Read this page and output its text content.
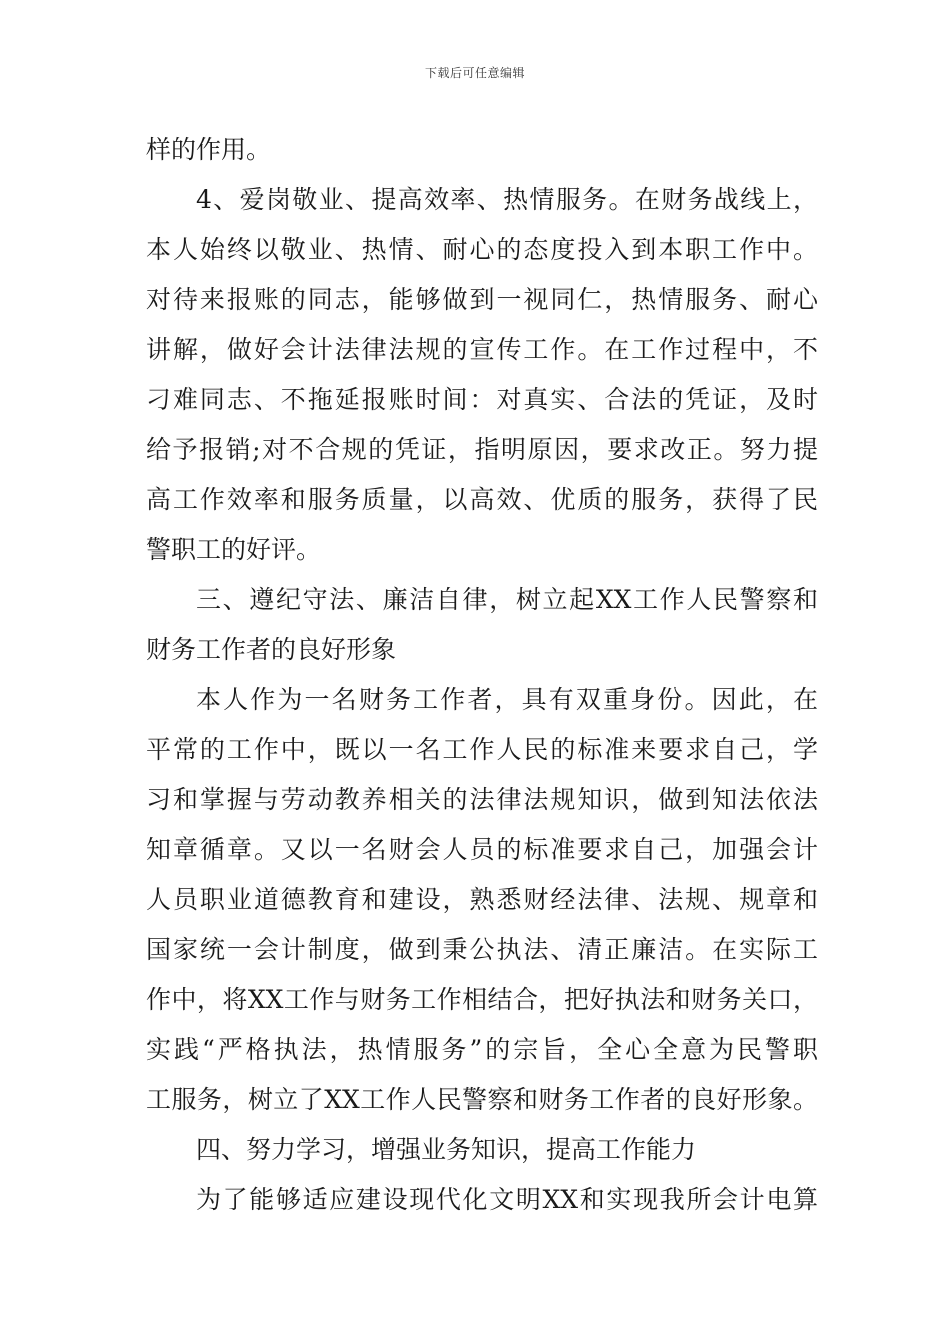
下载后可任意编辑
样的作用。
4、爱岗敬业、提高效率、热情服务。在财务战线上，
本人始终以敬业、热情、耐心的态度投入到本职工作中。
对待来报账的同志，能够做到一视同仁，热情服务、耐心
讲解，做好会计法律法规的宣传工作。在工作过程中，不
刁难同志、不拖延报账时间：对真实、合法的凭证，及时
给予报销;对不合规的凭证，指明原因，要求改正。努力提
高工作效率和服务质量，以高效、优质的服务，获得了民
警职工的好评。
三、遵纪守法、廉洁自律，树立起XX工作人民警察和
财务工作者的良好形象
本人作为一名财务工作者，具有双重身份。因此，在
平常的工作中，既以一名工作人民的标准来要求自己，学
习和掌握与劳动教养相关的法律法规知识，做到知法依法
知章循章。又以一名财会人员的标准要求自己，加强会计
人员职业道德教育和建设，熟悉财经法律、法规、规章和
国家统一会计制度，做到秉公执法、清正廉洁。在实际工
作中，将XX工作与财务工作相结合，把好执法和财务关口，
实践“严格执法，热情服务”的宗旨，全心全意为民警职
工服务，树立了XX工作人民警察和财务工作者的良好形象。
四、努力学习，增强业务知识，提高工作能力
为了能够适应建设现代化文明XX和实现我所会计电算
